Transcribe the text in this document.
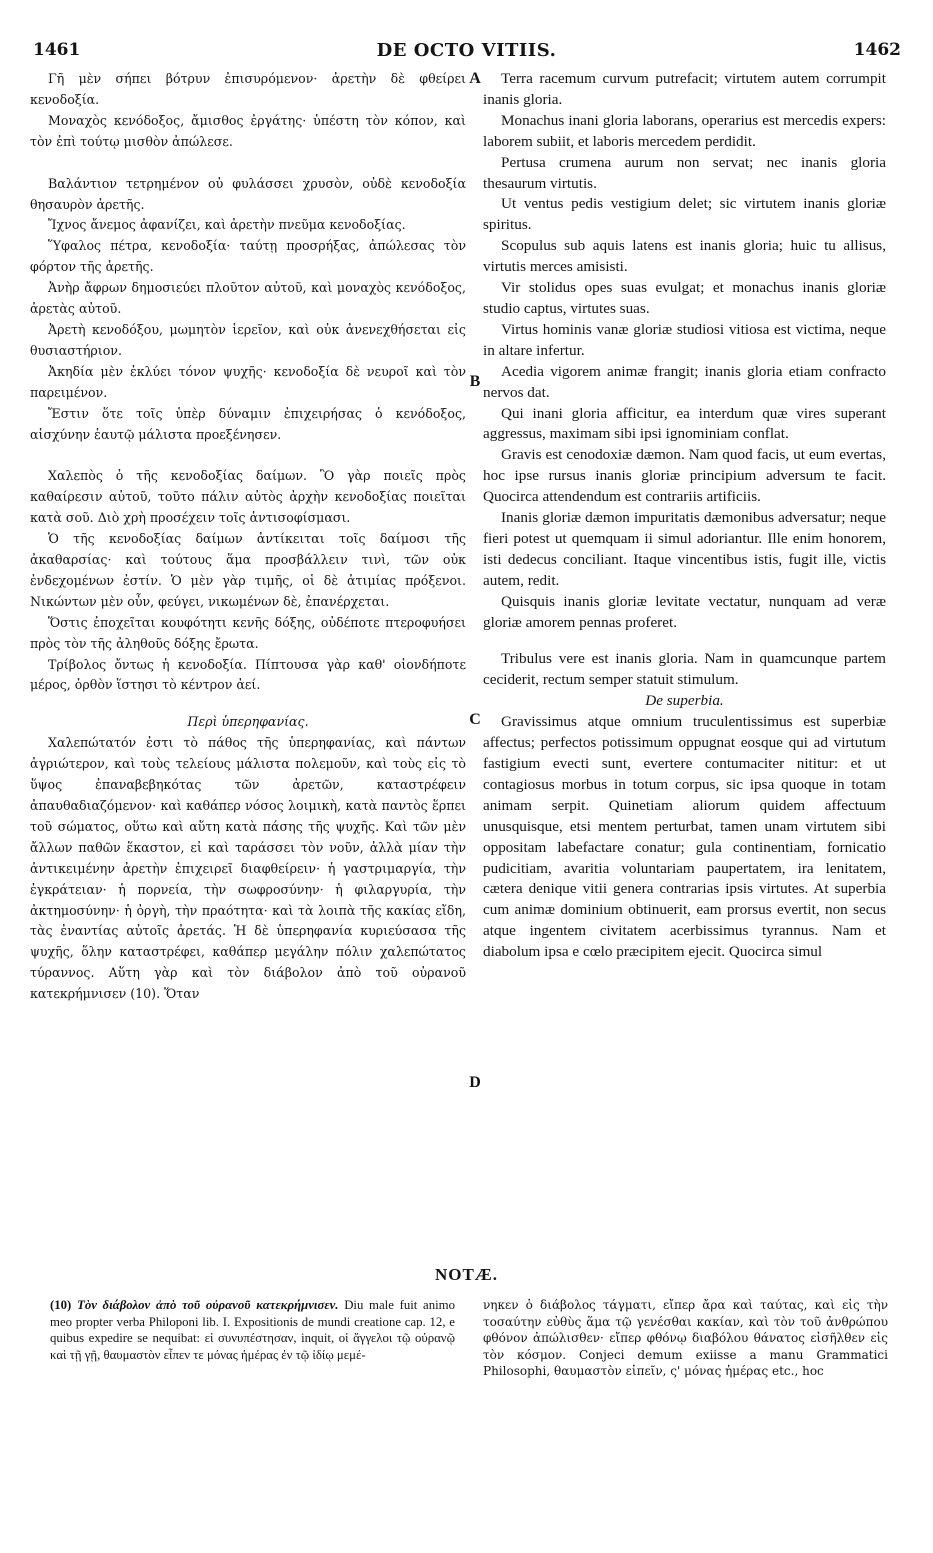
1461	DE OCTO VITIIS.	1462

Γῆ μὲν σήπει βότρυν ἐπισυρόμενον· ἀρετὴν δὲ φθείρει κενοδοξία.

Μοναχὸς κενόδοξος, ἄμισθος ἐργάτης· ὑπέστη τὸν κόπον, καὶ τὸν ἐπὶ τούτῳ μισθὸν ἀπώλεσε.

Βαλάντιον τετρημένον οὐ φυλάσσει χρυσὸν, οὐδὲ κενοδοξία θησαυρὸν ἀρετῆς.

Ἴχνος ἄνεμος ἀφανίζει, καὶ ἀρετὴν πνεῦμα κενοδοξίας.

Ὕφαλος πέτρα, κενοδοξία· ταύτῃ προσρήξας, ἀπώλεσας τὸν φόρτον τῆς ἀρετῆς.

Ἀνὴρ ἄφρων δημοσιεύει πλοῦτον αὐτοῦ, καὶ μοναχὸς κενόδοξος, ἀρετὰς αὐτοῦ.

Ἀρετὴ κενοδόξου, μωμητὸν ἱερεῖον, καὶ οὐκ ἀνενεχθήσεται εἰς θυσιαστήριον.

Ἀκηδία μὲν ἐκλύει τόνον ψυχῆς· κενοδοξία δὲ νευροῖ καὶ τὸν παρειμένον.

Ἔστιν ὅτε τοῖς ὑπὲρ δύναμιν ἐπιχειρήσας ὁ κενόδοξος, αἰσχύνην ἑαυτῷ μάλιστα προεξένησεν.

Χαλεπὸς ὁ τῆς κενοδοξίας δαίμων. Ὃ γὰρ ποιεῖς πρὸς καθαίρεσιν αὐτοῦ, τοῦτο πάλιν αὐτὸς ἀρχὴν κενοδοξίας ποιεῖται κατὰ σοῦ. Διὸ χρὴ προσέχειν τοῖς ἀντισοφίσμασι.

Ὁ τῆς κενοδοξίας δαίμων ἀντίκειται τοῖς δαίμοσι τῆς ἀκαθαρσίας· καὶ τούτους ἅμα προσβάλλειν τινὶ, τῶν οὐκ ἐνδεχομένων ἐστίν. Ὁ μὲν γὰρ τιμῆς, οἱ δὲ ἀτιμίας πρόξενοι. Νικώντων μὲν οὖν, φεύγει, νικωμένων δὲ, ἐπανέρχεται.

Ὅστις ἐποχεῖται κουφότητι κενῆς δόξης, οὐδέποτε πτεροφυήσει πρὸς τὸν τῆς ἀληθοῦς δόξης ἔρωτα.

Τρίβολος ὄντως ἡ κενοδοξία. Πίπτουσα γὰρ καθ' οἱονδήποτε μέρος, ὀρθὸν ἵστησι τὸ κέντρον ἀεί.

Περὶ ὑπερηφανίας.

Χαλεπώτατόν ἐστι τὸ πάθος τῆς ὑπερηφανίας, καὶ πάντων ἀγριώτερον, καὶ τοὺς τελείους μάλιστα πολεμοῦν, καὶ τοὺς εἰς τὸ ὕψος ἐπαναβεβηκότας τῶν ἀρετῶν, καταστρέφειν ἀπαυθαδιαζόμενον· καὶ καθάπερ νόσος λοιμικὴ, κατὰ παντὸς ἕρπει τοῦ σώματος, οὕτω καὶ αὕτη κατὰ πάσης τῆς ψυχῆς. Καὶ τῶν μὲν ἄλλων παθῶν ἕκαστον, εἰ καὶ ταράσσει τὸν νοῦν, ἀλλὰ μίαν τὴν ἀντικειμένην ἀρετὴν ἐπιχειρεῖ διαφθείρειν· ἡ γαστριμαργία, τὴν ἐγκράτειαν· ἡ πορνεία, τὴν σωφροσύνην· ἡ φιλαργυρία, τὴν ἀκτημοσύνην· ἡ ὀργὴ, τὴν πραότητα· καὶ τὰ λοιπὰ τῆς κακίας εἴδη, τὰς ἐναντίας αὐτοῖς ἀρετάς. Ἡ δὲ ὑπερηφανία κυριεύσασα τῆς ψυχῆς, ὅλην καταστρέφει, καθάπερ μεγάλην πόλιν χαλεπώτατος τύραννος. Αὕτη γὰρ καὶ τὸν διάβολον ἀπὸ τοῦ οὐρανοῦ κατεκρήμνισεν (10). Ὅταν

A
B
C
D

Terra racemum curvum putrefacit; virtutem autem corrumpit inanis gloria.

Monachus inani gloria laborans, operarius est mercedis expers: laborem subiit, et laboris mercedem perdidit.

Pertusa crumena aurum non servat; nec inanis gloria thesaurum virtutis.

Ut ventus pedis vestigium delet; sic virtutem inanis gloriæ spiritus.

Scopulus sub aquis latens est inanis gloria; huic tu allisus, virtutis merces amisisti.

Vir stolidus opes suas evulgat; et monachus inanis gloriæ studio captus, virtutes suas.

Virtus hominis vanæ gloriæ studiosi vitiosa est victima, neque in altare infertur.

Acedia vigorem animæ frangit; inanis gloria etiam confracto nervos dat.

Qui inani gloria afficitur, ea interdum quæ vires superant aggressus, maximam sibi ipsi ignominiam conflat.

Gravis est cenodoxiæ dæmon. Nam quod facis, ut eum evertas, hoc ipse rursus inanis gloriæ principium adversum te facit. Quocirca attendendum est contrariis artificiis.

Inanis gloriæ dæmon impuritatis dæmonibus adversatur; neque fieri potest ut quemquam ii simul adoriantur. Ille enim honorem, isti dedecus conciliant. Itaque vincentibus istis, fugit ille, victis autem, redit.

Quisquis inanis gloriæ levitate vectatur, nunquam ad veræ gloriæ amorem pennas proferet.

Tribulus vere est inanis gloria. Nam in quamcunque partem ceciderit, rectum semper statuit stimulum.

De superbia.

Gravissimus atque omnium truculentissimus est superbiæ affectus; perfectos potissimum oppugnat eosque qui ad virtutum fastigium evecti sunt, evertere contumaciter nititur: et ut contagiosus morbus in totum corpus, sic ipsa quoque in totam animam serpit. Quinetiam aliorum quidem affectuum unusquisque, etsi mentem perturbat, tamen unam virtutem sibi oppositam labefactare conatur; gula continentiam, fornicatio pudicitiam, avaritia voluntariam paupertatem, ira lenitatem, cætera denique vitii genera contrarias ipsis virtutes. At superbia cum animæ dominium obtinuerit, eam prorsus evertit, non secus atque ingentem civitatem acerbissimus tyrannus. Nam et diabolum ipsa e cœlo præcipitem ejecit. Quocirca simul

NOTÆ.
(10) Τὸν διάβολον ἀπὸ τοῦ οὐρανοῦ κατεκρήμνισεν. Diu male fuit animo meo propter verba Philoponi lib. I. Expositionis de mundi creatione cap. 12, e quibus expedire se nequibat: εἰ συνυπέστησαν, inquit, οἱ ἄγγελοι τῷ οὐρανῷ καὶ τῇ γῇ, θαυμαστὸν εἶπεν τε μόνας ἡμέρας ἐν τῷ ἰδίῳ μεμέ-
νηκεν ὁ διάβολος τάγματι, εἴπερ ἄρα καὶ ταύτας, καὶ εἰς τὴν τοσαύτην εὐθὺς ἅμα τῷ γενέσθαι κακίαν, καὶ τὸν τοῦ ἀνθρώπου φθόνον ἀπώλισθεν· εἴπερ φθόνῳ διαβόλου θάνατος εἰσῆλθεν εἰς τὸν κόσμον. Conjeci demum exiisse a manu Grammatici Philosophi, θαυμαστὸν εἰπεῖν, ς' μόνας ἡμέρας etc., hoc
